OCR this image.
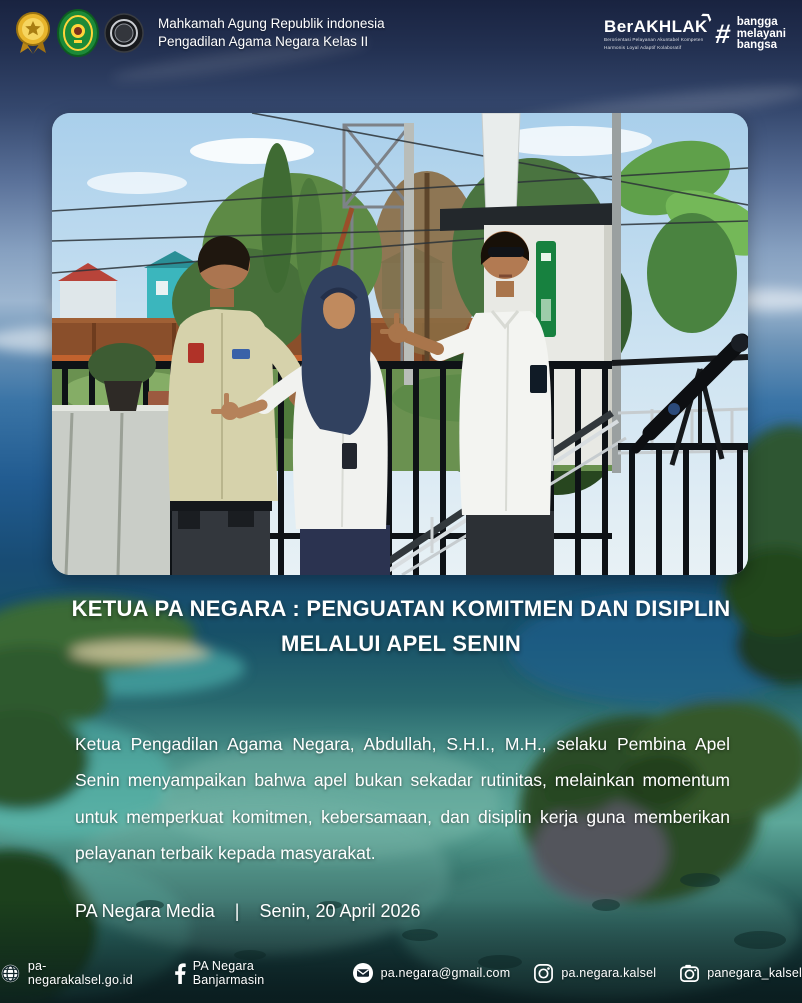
Mahkamah Agung Republik indonesia
Pengadilan Agama Negara Kelas II
BerAKHLAK
❯
Berorientasi Pelayanan Akuntabel Kompeten
Harmonis Loyal Adaptif Kolaboratif # bangga
melayani
bangsa
KETUA PA NEGARA : PENGUATAN KOMITMEN DAN DISIPLIN
MELALUI APEL SENIN
Ketua Pengadilan Agama Negara, Abdullah, S.H.I., M.H., selaku Pembina Apel Senin menyampaikan bahwa apel bukan sekadar rutinitas, melainkan momentum untuk memperkuat komitmen, kebersamaan, dan disiplin kerja guna memberikan pelayanan terbaik kepada masyarakat.
PA Negara Media | Senin, 20 April 2026
pa-negarakalsel.go.id
PA Negara Banjarmasin	pa.negara@gmail.com	pa.negara.kalsel	panegara_kalsel
